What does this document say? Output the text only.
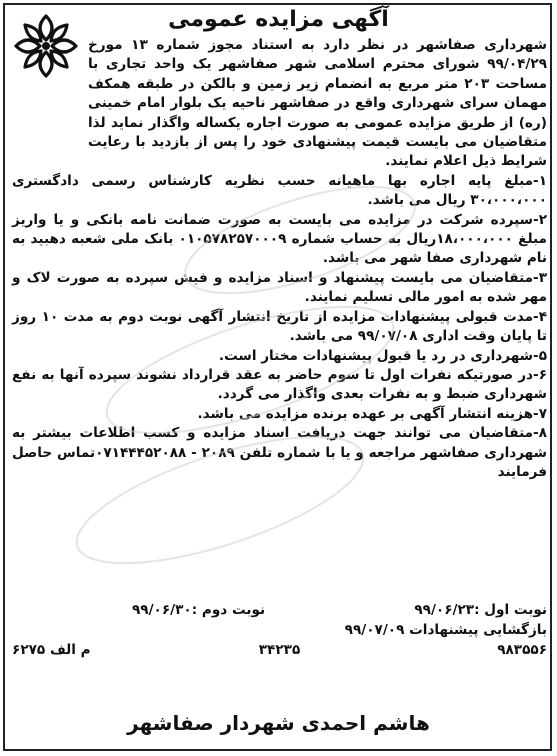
آگهی مزایده عمومی

شهرداری صفاشهر در نظر دارد به استناد مجوز شماره ۱۳ مورخ ۹۹/۰۴/۲۹ شورای محترم اسلامی شهر صفاشهر یک واحد تجاری با مساحت ۲۰۳ متر مربع به انضمام زیر زمین و بالکن در طبقه همکف مهمان سرای شهرداری واقع در صفاشهر ناحیه یک بلوار امام خمینی (ره) از طریق مزایده عمومی به صورت اجاره یکساله واگذار نماید لذا متقاضیان می بایست قیمت پیشنهادی خود را پس از بازدید با رعایت شرایط ذیل اعلام نمایند.

۱-مبلغ پایه اجاره بها ماهیانه حسب نظریه کارشناس رسمی دادگستری ۳۰،۰۰۰،۰۰۰ ریال می باشد.

۲-سپرده شرکت در مزایده می بایست به صورت ضمانت نامه بانکی و یا واریز مبلغ ۱۸،۰۰۰،۰۰۰ریال به حساب شماره ۰۱۰۵۷۸۲۵۷۰۰۰۹ بانک ملی شعبه دهبید به نام شهرداری صفا شهر می باشد.

۳-متقاضیان می بایست پیشنهاد و اسناد مزایده و فیش سپرده به صورت لاک و مهر شده به امور مالی تسلیم نمایند.

۴-مدت قبولی پیشنهادات مزایده از تاریخ انتشار آگهی نوبت دوم به مدت ۱۰ روز تا پایان وقت اداری ۹۹/۰۷/۰۸ می باشد.

۵-شهرداری در رد یا قبول پیشنهادات مختار است.

۶-در صورتیکه نفرات اول تا سوم حاضر به عقد قرارداد نشوند سپرده آنها به نفع شهرداری ضبط و به نفرات بعدی واگذار می گردد.

۷-هزینه انتشار آگهی بر عهده برنده مزایده می باشد.

۸-متقاضیان می توانند جهت دریافت اسناد مزایده و کسب اطلاعات بیشتر به شهرداری صفاشهر مراجعه و یا با شماره تلفن ۲۰۸۹ - ۰۷۱۴۴۴۵۲۰۸۸تماس حاصل فرمایند

نوبت اول :۹۹/۰۶/۲۳
نوبت دوم :۹۹/۰۶/۳۰
بازگشایی پیشنهادات ۹۹/۰۷/۰۹
۹۸۳۵۵۶
۳۴۲۳۵
م الف ۶۲۷۵
هاشم احمدی شهردار صفاشهر
